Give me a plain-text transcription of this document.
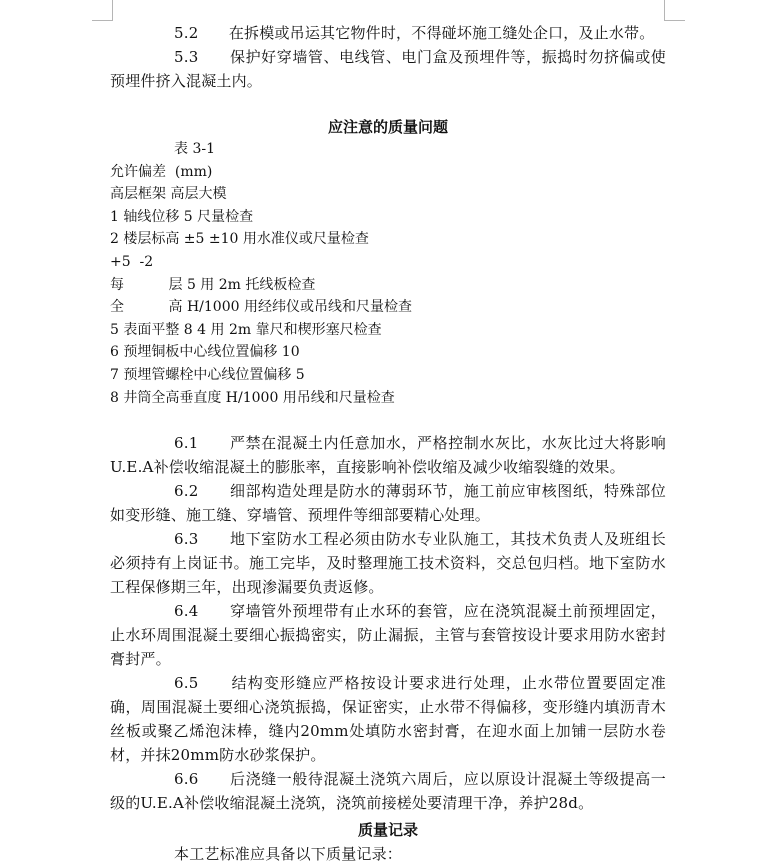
5.2　　在拆模或吊运其它物件时，不得碰坏施工缝处企口，及止水带。

5.3　　保护好穿墙管、电线管、电门盒及预埋件等，振捣时勿挤偏或使预埋件挤入混凝土内。

应注意的质量问题

表 3-1

允许偏差  (mm)

高层框架 高层大模

1 轴线位移 5 尺量检查

2 楼层标高 ±5 ±10 用水准仪或尺量检查

+5  -2

每          层 5 用 2m 托线板检查

全          高 H/1000 用经纬仪或吊线和尺量检查

5 表面平整 8 4 用 2m 靠尺和楔形塞尺检查

6 预埋铜板中心线位置偏移 10

7 预埋管螺栓中心线位置偏移 5

8 井筒全高垂直度 H/1000 用吊线和尺量检查

6.1　　严禁在混凝土内任意加水，严格控制水灰比，水灰比过大将影响U.E.A补偿收缩混凝土的膨胀率，直接影响补偿收缩及减少收缩裂缝的效果。

6.2　　细部构造处理是防水的薄弱环节，施工前应审核图纸，特殊部位如变形缝、施工缝、穿墙管、预埋件等细部要精心处理。

6.3　　地下室防水工程必须由防水专业队施工，其技术负责人及班组长必须持有上岗证书。施工完毕，及时整理施工技术资料，交总包归档。地下室防水工程保修期三年，出现渗漏要负责返修。

6.4　　穿墙管外预埋带有止水环的套管，应在浇筑混凝土前预埋固定，止水环周围混凝土要细心振捣密实，防止漏振，主管与套管按设计要求用防水密封膏封严。

6.5　　结构变形缝应严格按设计要求进行处理，止水带位置要固定准确，周围混凝土要细心浇筑振捣，保证密实，止水带不得偏移，变形缝内填沥青木丝板或聚乙烯泡沫棒，缝内20mm处填防水密封膏，在迎水面上加铺一层防水卷材，并抹20mm防水砂浆保护。

6.6　　后浇缝一般待混凝土浇筑六周后，应以原设计混凝土等级提高一级的U.E.A补偿收缩混凝土浇筑，浇筑前接槎处要清理干净，养护28d。

质量记录

本工艺标准应具备以下质量记录：
